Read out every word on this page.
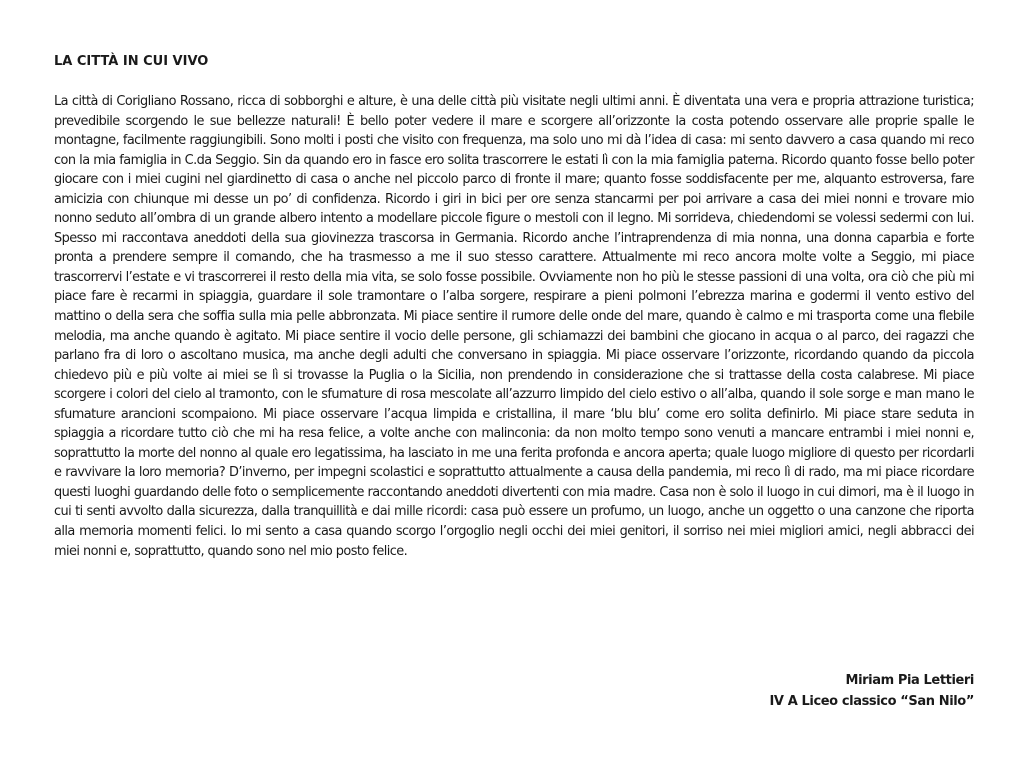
LA CITTÀ IN CUI VIVO

La città di Corigliano Rossano, ricca di sobborghi e alture, è una delle città più visitate negli ultimi anni. È diventata una vera e propria attrazione turistica; prevedibile scorgendo le sue bellezze naturali! È bello poter vedere il mare e scorgere all’orizzonte la costa potendo osservare alle proprie spalle le montagne, facilmente raggiungibili. Sono molti i posti che visito con frequenza, ma solo uno mi dà l’idea di casa: mi sento davvero a casa quando mi reco con la mia famiglia in C.da Seggio. Sin da quando ero in fasce ero solita trascorrere le estati lì con la mia famiglia paterna. Ricordo quanto fosse bello poter giocare con i miei cugini nel giardinetto di casa o anche nel piccolo parco di fronte il mare; quanto fosse soddisfacente per me, alquanto estroversa, fare amicizia con chiunque mi desse un po’ di confidenza. Ricordo i giri in bici per ore senza stancarmi per poi arrivare a casa dei miei nonni e trovare mio nonno seduto all’ombra di un grande albero intento a modellare piccole figure o mestoli con il legno. Mi sorrideva, chiedendomi se volessi sedermi con lui. Spesso mi raccontava aneddoti della sua giovinezza trascorsa in Germania. Ricordo anche l’intraprendenza di mia nonna, una donna caparbia e forte pronta a prendere sempre il comando, che ha trasmesso a me il suo stesso carattere. Attualmente mi reco ancora molte volte a Seggio, mi piace trascorrervi l’estate e vi trascorrerei il resto della mia vita, se solo fosse possibile. Ovviamente non ho più le stesse passioni di una volta, ora ciò che più mi piace fare è recarmi in spiaggia, guardare il sole tramontare o l’alba sorgere, respirare a pieni polmoni l’ebrezza marina e godermi il vento estivo del mattino o della sera che soffia sulla mia pelle abbronzata. Mi piace sentire il rumore delle onde del mare, quando è calmo e mi trasporta come una flebile melodia, ma anche quando è agitato. Mi piace sentire il vocio delle persone, gli schiamazzi dei bambini che giocano in acqua o al parco, dei ragazzi che parlano fra di loro o ascoltano musica, ma anche degli adulti che conversano in spiaggia. Mi piace osservare l’orizzonte, ricordando quando da piccola chiedevo più e più volte ai miei se lì si trovasse la Puglia o la Sicilia, non prendendo in considerazione che si trattasse della costa calabrese. Mi piace scorgere i colori del cielo al tramonto, con le sfumature di rosa mescolate all’azzurro limpido del cielo estivo o all’alba, quando il sole sorge e man mano le sfumature arancioni scompaiono. Mi piace osservare l’acqua limpida e cristallina, il mare ‘blu blu’ come ero solita definirlo. Mi piace stare seduta in spiaggia a ricordare tutto ciò che mi ha resa felice, a volte anche con malinconia: da non molto tempo sono venuti a mancare entrambi i miei nonni e, soprattutto la morte del nonno al quale ero legatissima, ha lasciato in me una ferita profonda e ancora aperta; quale luogo migliore di questo per ricordarli e ravvivare la loro memoria? D’inverno, per impegni scolastici e soprattutto attualmente a causa della pandemia, mi reco lì di rado, ma mi piace ricordare questi luoghi guardando delle foto o semplicemente raccontando aneddoti divertenti con mia madre. Casa non è solo il luogo in cui dimori, ma è il luogo in cui ti senti avvolto dalla sicurezza, dalla tranquillità e dai mille ricordi: casa può essere un profumo, un luogo, anche un oggetto o una canzone che riporta alla memoria momenti felici. Io mi sento a casa quando scorgo l’orgoglio negli occhi dei miei genitori, il sorriso nei miei migliori amici, negli abbracci dei miei nonni e, soprattutto, quando sono nel mio posto felice.

Miriam Pia Lettieri
IV A Liceo classico “San Nilo”
